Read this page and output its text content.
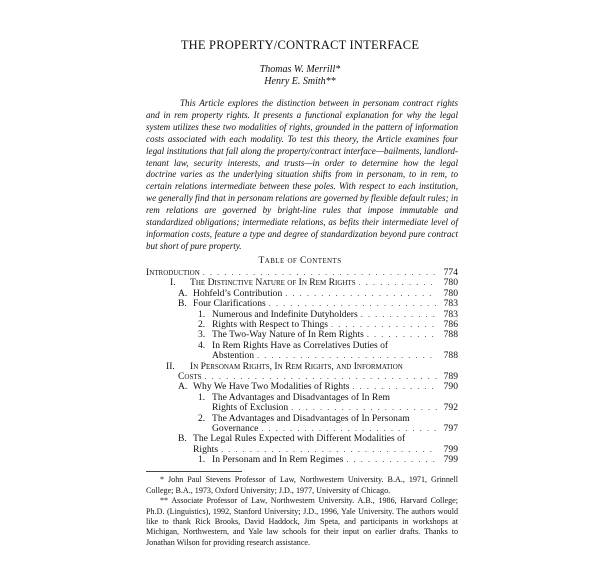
THE PROPERTY/CONTRACT INTERFACE
Thomas W. Merrill*
Henry E. Smith**

This Article explores the distinction between in personam contract rights and in rem property rights. It presents a functional explanation for why the legal system utilizes these two modalities of rights, grounded in the pattern of information costs associated with each modality. To test this theory, the Article examines four legal institutions that fall along the property/contract interface—bailments, landlord-tenant law, security interests, and trusts—in order to determine how the legal doctrine varies as the underlying situation shifts from in personam, to in rem, to certain relations intermediate between these poles. With respect to each institution, we generally find that in personam relations are governed by flexible default rules; in rem relations are governed by bright-line rules that impose immutable and standardized obligations; intermediate relations, as befits their intermediate level of information costs, feature a type and degree of standardization beyond pure contract but short of pure property.

Table of Contents
Introduction . . .	774
I. The Distinctive Nature of In Rem Rights . . .	780
A. Hohfeld’s Contribution . . .	780
B. Four Clarifications . . .	783
1. Numerous and Indefinite Dutyholders . . .	783
2. Rights with Respect to Things . . .	786
3. The Two-Way Nature of In Rem Rights . . .	788
4. In Rem Rights Have as Correlatives Duties of
Abstention . . .	788
II. In Personam Rights, In Rem Rights, and Information
Costs . . .	789
A. Why We Have Two Modalities of Rights . . .	790
1. The Advantages and Disadvantages of In Rem
Rights of Exclusion . . .	792
2. The Advantages and Disadvantages of In Personam
Governance . . .	797
B. The Legal Rules Expected with Different Modalities of
Rights . . .	799
1. In Personam and In Rem Regimes . . .	799

* John Paul Stevens Professor of Law, Northwestern University. B.A., 1971, Grinnell College; B.A., 1973, Oxford University; J.D., 1977, University of Chicago.

** Associate Professor of Law, Northwestern University. A.B., 1986, Harvard College; Ph.D. (Linguistics), 1992, Stanford University; J.D., 1996, Yale University. The authors would like to thank Rick Brooks, David Haddock, Jim Speta, and participants in workshops at Michigan, Northwestern, and Yale law schools for their input on earlier drafts. Thanks to Jonathan Wilson for providing research assistance.
